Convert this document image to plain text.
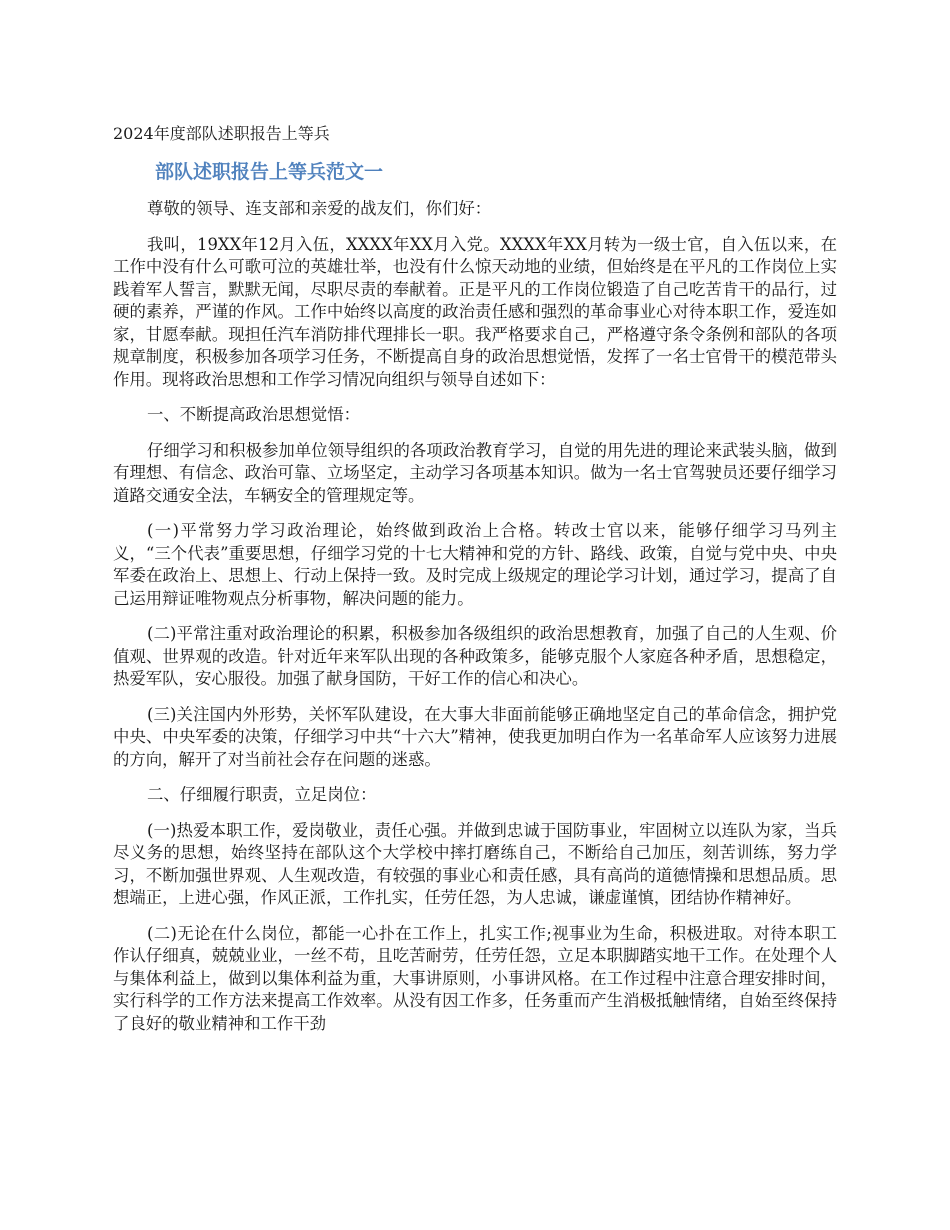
2024年度部队述职报告上等兵
部队述职报告上等兵范文一

尊敬的领导、连支部和亲爱的战友们，你们好：

我叫，19XX年12月入伍，XXXX年XX月入党。XXXX年XX月转为一级士官，自入伍以来，在工作中没有什么可歌可泣的英雄壮举，也没有什么惊天动地的业绩，但始终是在平凡的工作岗位上实践着军人誓言，默默无闻，尽职尽责的奉献着。正是平凡的工作岗位锻造了自己吃苦肯干的品行，过硬的素养，严谨的作风。工作中始终以高度的政治责任感和强烈的革命事业心对待本职工作，爱连如家，甘愿奉献。现担任汽车消防排代理排长一职。我严格要求自己，严格遵守条令条例和部队的各项规章制度，积极参加各项学习任务，不断提高自身的政治思想觉悟，发挥了一名士官骨干的模范带头作用。现将政治思想和工作学习情况向组织与领导自述如下：

一、不断提高政治思想觉悟：

仔细学习和积极参加单位领导组织的各项政治教育学习，自觉的用先进的理论来武装头脑，做到有理想、有信念、政治可靠、立场坚定，主动学习各项基本知识。做为一名士官驾驶员还要仔细学习道路交通安全法，车辆安全的管理规定等。

(一)平常努力学习政治理论，始终做到政治上合格。转改士官以来，能够仔细学习马列主义，“三个代表”重要思想，仔细学习党的十七大精神和党的方针、路线、政策，自觉与党中央、中央军委在政治上、思想上、行动上保持一致。及时完成上级规定的理论学习计划，通过学习，提高了自己运用辩证唯物观点分析事物，解决问题的能力。

(二)平常注重对政治理论的积累，积极参加各级组织的政治思想教育，加强了自己的人生观、价值观、世界观的改造。针对近年来军队出现的各种政策多，能够克服个人家庭各种矛盾，思想稳定，热爱军队，安心服役。加强了献身国防，干好工作的信心和决心。

(三)关注国内外形势，关怀军队建设，在大事大非面前能够正确地坚定自己的革命信念，拥护党中央、中央军委的决策，仔细学习中共“十六大”精神，使我更加明白作为一名革命军人应该努力进展的方向，解开了对当前社会存在问题的迷惑。

二、仔细履行职责，立足岗位：

(一)热爱本职工作，爱岗敬业，责任心强。并做到忠诚于国防事业，牢固树立以连队为家，当兵尽义务的思想，始终坚持在部队这个大学校中摔打磨练自己，不断给自己加压，刻苦训练，努力学习，不断加强世界观、人生观改造，有较强的事业心和责任感，具有高尚的道德情操和思想品质。思想端正，上进心强，作风正派，工作扎实，任劳任怨，为人忠诚，谦虚谨慎，团结协作精神好。

(二)无论在什么岗位，都能一心扑在工作上，扎实工作;视事业为生命，积极进取。对待本职工作认仔细真，兢兢业业，一丝不苟，且吃苦耐劳，任劳任怨，立足本职脚踏实地干工作。在处理个人与集体利益上，做到以集体利益为重，大事讲原则，小事讲风格。在工作过程中注意合理安排时间，实行科学的工作方法来提高工作效率。从没有因工作多，任务重而产生消极抵触情绪，自始至终保持了良好的敬业精神和工作干劲
